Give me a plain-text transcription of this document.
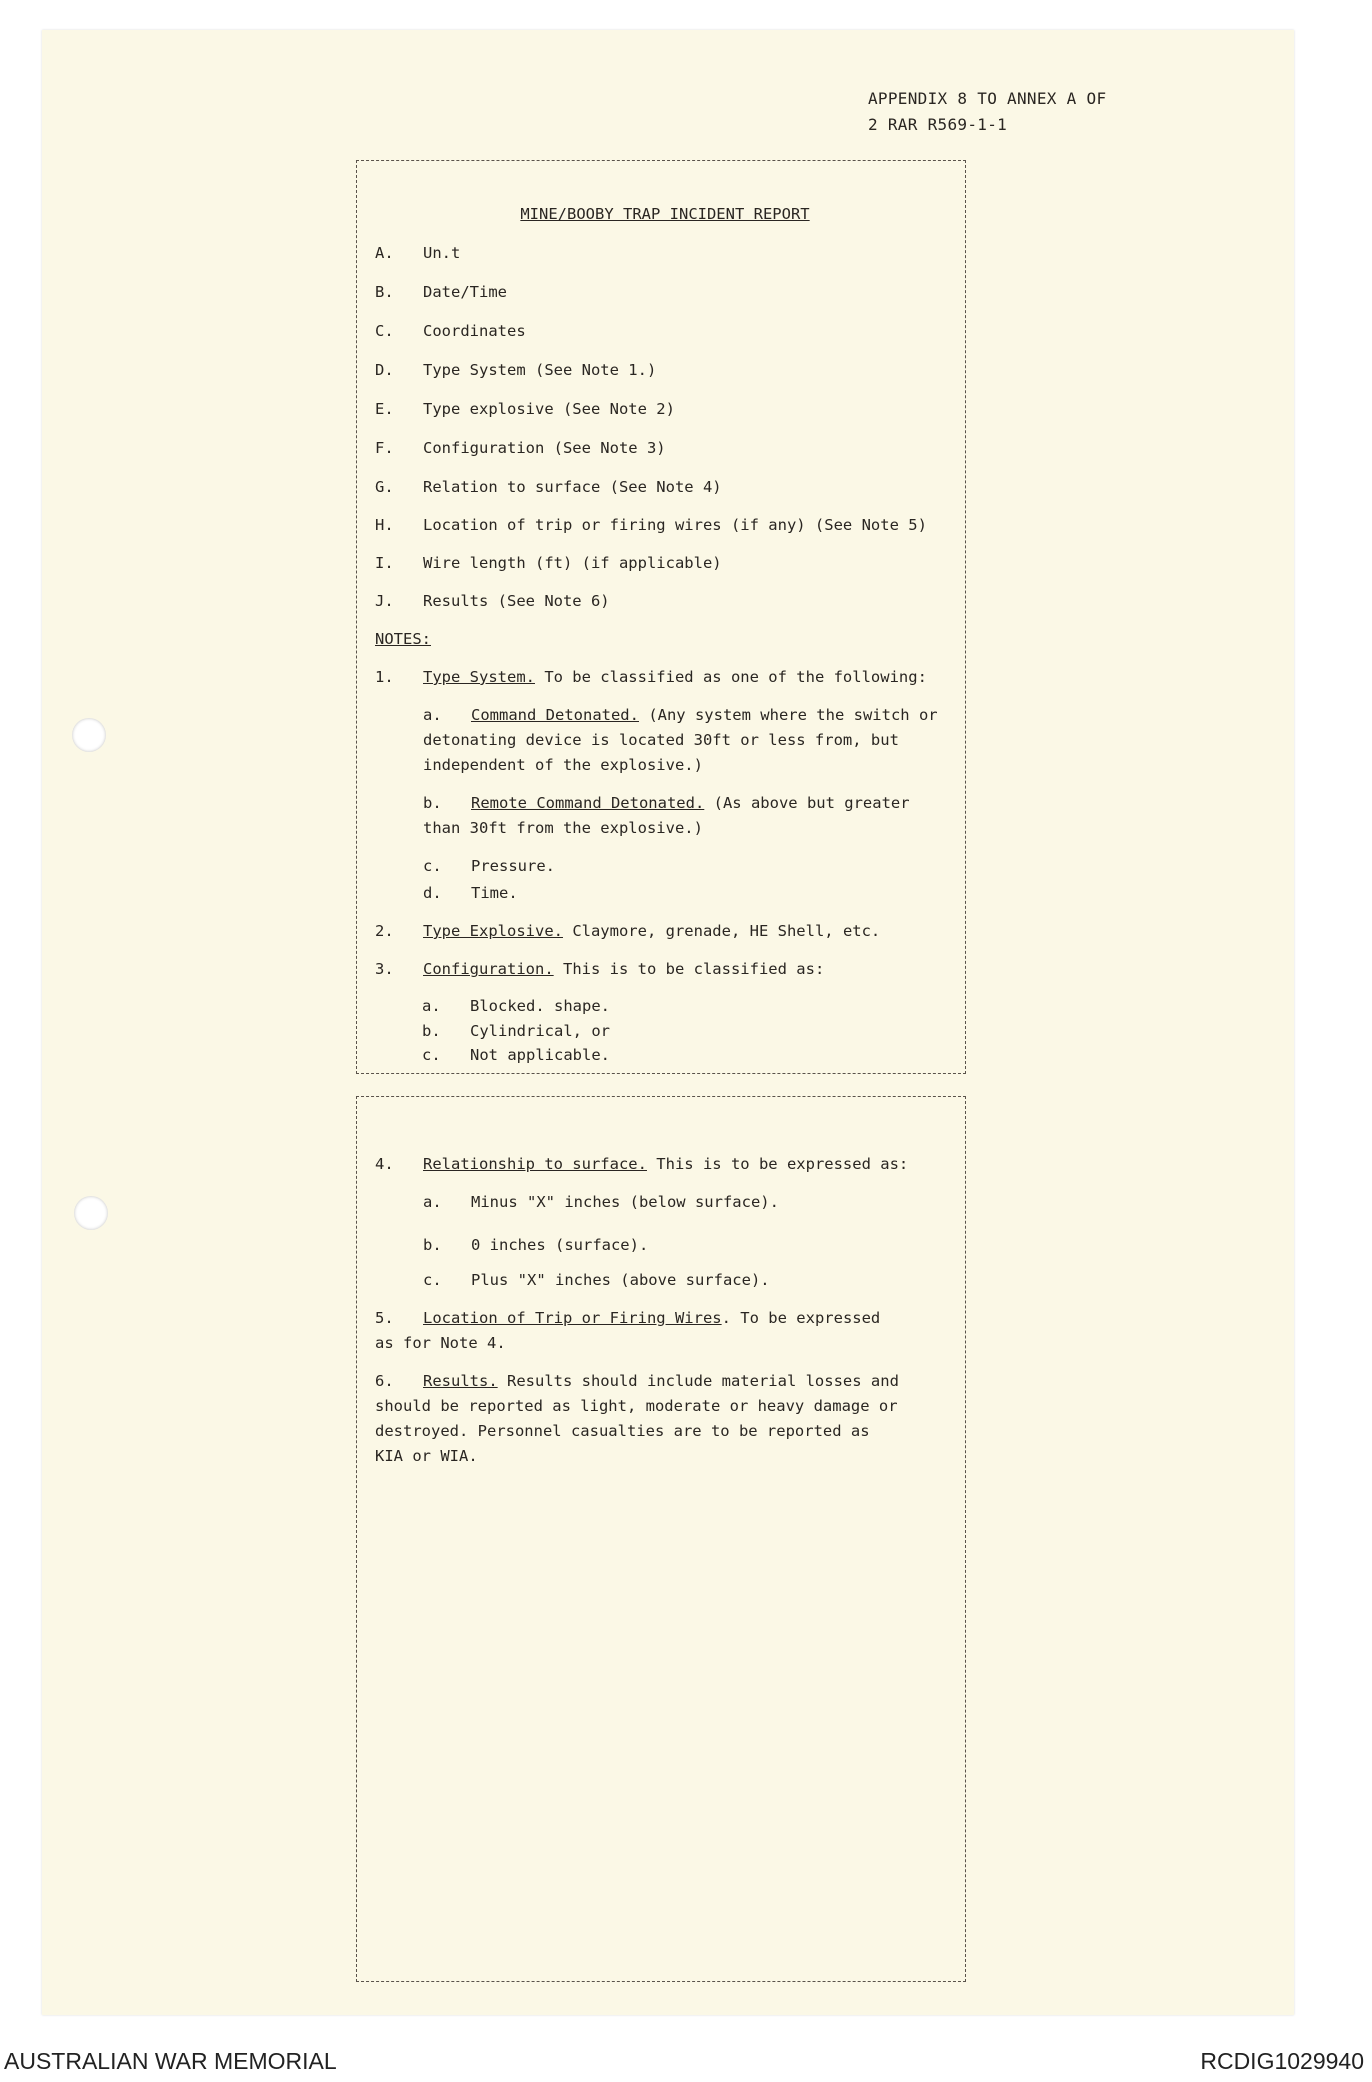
APPENDIX 8 TO ANNEX A OF
2 RAR R569-1-1
MINE/BOOBY TRAP INCIDENT REPORT
A. Un.t
B. Date/Time
C. Coordinates
D. Type System (See Note 1.)
E. Type explosive (See Note 2)
F. Configuration (See Note 3)
G. Relation to surface (See Note 4)
H. Location of trip or firing wires (if any) (See Note 5)
I. Wire length (ft) (if applicable)
J. Results (See Note 6)
NOTES:
1. Type System. To be classified as one of the following:
a. Command Detonated. (Any system where the switch or
detonating device is located 30ft or less from, but
independent of the explosive.)
b. Remote Command Detonated. (As above but greater
than 30ft from the explosive.)
c. Pressure.
d. Time.
2. Type Explosive. Claymore, grenade, HE Shell, etc.
3. Configuration. This is to be classified as:
a. Blocked. shape.
4. Relationship to surface. This is to be expressed as:
a. Minus "X" inches (below surface).
b. 0 inches (surface).
c. Plus "X" inches (above surface).
5. Location of Trip or Firing Wires. To be expressed
as for Note 4.
6. Results. Results should include material losses and
should be reported as light, moderate or heavy damage or
destroyed. Personnel casualties are to be reported as
KIA or WIA.
AUSTRALIAN WAR MEMORIAL	RCDIG1029940
b. Cylindrical, or
c. Not applicable.
